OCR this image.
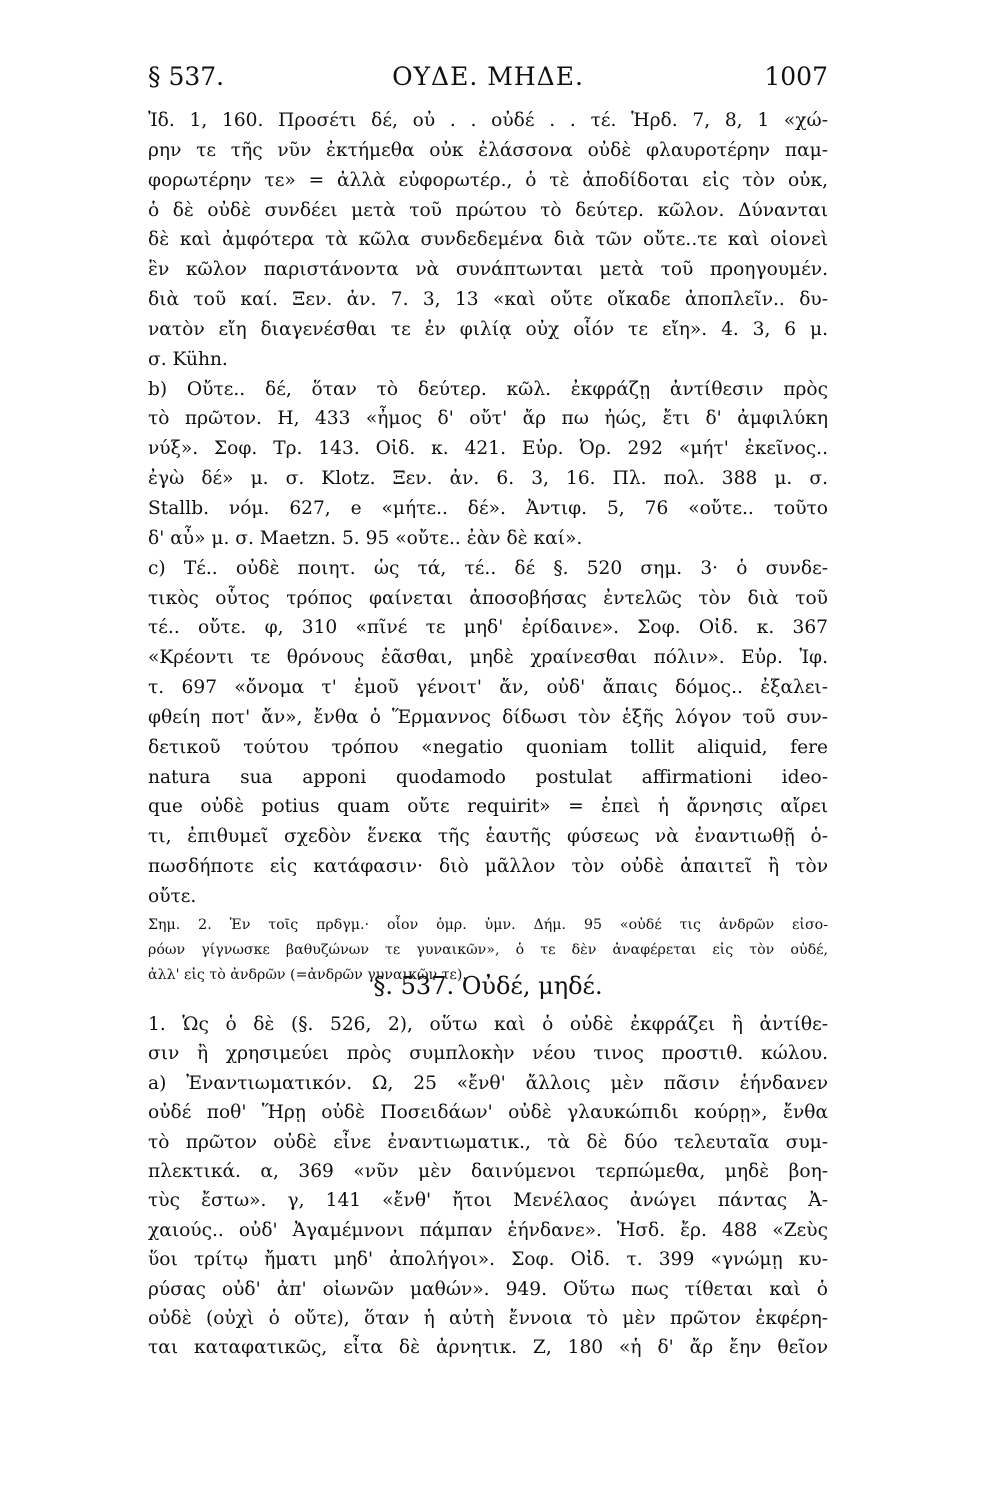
§ 537.	ΟΥΔΕ. ΜΗΔΕ.	1007
Ἰδ. 1, 160. Προσέτι δέ, οὐ . . οὐδέ . . τέ. Ἡρδ. 7, 8, 1 «χώ-
ρην τε τῆς νῦν ἐκτήμεθα οὐκ ἐλάσσονα οὐδὲ φλαυροτέρην παμ-
φορωτέρην τε» = ἀλλὰ εὐφορωτέρ., ὁ τὲ ἀποδίδοται εἰς τὸν οὐκ,
ὁ δὲ οὐδὲ συνδέει μετὰ τοῦ πρώτου τὸ δεύτερ. κῶλον. Δύνανται
δὲ καὶ ἀμφότερα τὰ κῶλα συνδεδεμένα διὰ τῶν οὔτε..τε καὶ οἱονεὶ
ἓν κῶλον παριστάνοντα νὰ συνάπτωνται μετὰ τοῦ προηγουμέν.
διὰ τοῦ καί. Ξεν. ἀν. 7. 3, 13 «καὶ οὔτε οἴκαδε ἀποπλεῖν.. δυ-
νατὸν εἴη διαγενέσθαι τε ἐν φιλίᾳ οὐχ οἷόν τε εἴη». 4. 3, 6 μ.
σ. Kühn.
b) Οὔτε.. δέ, ὅταν τὸ δεύτερ. κῶλ. ἐκφράζῃ ἀντίθεσιν πρὸς
τὸ πρῶτον. Η, 433 «ἦμος δ' οὔτ' ἄρ πω ἠώς, ἔτι δ' ἀμφιλύκη
νύξ». Σοφ. Τρ. 143. Οἰδ. κ. 421. Εὐρ. Ὀρ. 292 «μήτ' ἐκεῖνος..
ἐγὼ δέ» μ. σ. Klotz. Ξεν. ἀν. 6. 3, 16. Πλ. πολ. 388 μ. σ.
Stallb. νόμ. 627, e «μήτε.. δέ». Ἀντιφ. 5, 76 «οὔτε.. τοῦτο
δ' αὖ» μ. σ. Maetzn. 5. 95 «οὔτε.. ἐὰν δὲ καί».
c) Τέ.. οὐδὲ ποιητ. ὡς τά, τέ.. δέ §. 520 σημ. 3· ὁ συνδε-
τικὸς οὗτος τρόπος φαίνεται ἀποσοβήσας ἐντελῶς τὸν διὰ τοῦ
τέ.. οὔτε. φ, 310 «πῖνέ τε μηδ' ἐρίδαινε». Σοφ. Οἰδ. κ. 367
«Κρέοντι τε θρόνους ἐᾶσθαι, μηδὲ χραίνεσθαι πόλιν». Εὐρ. Ἰφ.
τ. 697 «ὄνομα τ' ἐμοῦ γένοιτ' ἄν, οὐδ' ἄπαις δόμος.. ἐξαλει-
φθείη ποτ' ἄν», ἔνθα ὁ Ἕρμαννος δίδωσι τὸν ἑξῆς λόγον τοῦ συν-
δετικοῦ τούτου τρόπου «negatio quoniam tollit aliquid, fere
natura sua apponi quodamodo postulat affirmationi ideo-
que οὐδὲ potius quam οὔτε requirit» = ἐπεὶ ἡ ἄρνησις αἴρει
τι, ἐπιθυμεῖ σχεδὸν ἕνεκα τῆς ἑαυτῆς φύσεως νὰ ἐναντιωθῇ ὁ-
πωσδήποτε εἰς κατάφασιν· διὸ μᾶλλον τὸν οὐδὲ ἀπαιτεῖ ἢ τὸν
οὔτε.
Σημ. 2. Ἐν τοῖς πρδγμ.· οἷον ὁμρ. ὑμν. Δήμ. 95 «οὐδέ τις ἀνδρῶν εἰσο-
ρόων γίγνωσκε βαθυζώνων τε γυναικῶν», ὁ τε δὲν ἀναφέρεται εἰς τὸν οὐδέ,
ἀλλ' εἰς τὸ ἀνδρῶν (=ἀνδρῶν γυναικῶν τε).
§. 537. Οὐδέ, μηδέ.
1. Ὡς ὁ δὲ (§. 526, 2), οὕτω καὶ ὁ οὐδὲ ἐκφράζει ἢ ἀντίθε-
σιν ἢ χρησιμεύει πρὸς συμπλοκὴν νέου τινος προστιθ. κώλου.
a) Ἐναντιωματικόν. Ω, 25 «ἔνθ' ἄλλοις μὲν πᾶσιν ἑήνδανεν
οὐδέ ποθ' Ἥρῃ οὐδὲ Ποσειδάων' οὐδὲ γλαυκώπιδι κούρῃ», ἔνθα
τὸ πρῶτον οὐδὲ εἶνε ἐναντιωματικ., τὰ δὲ δύο τελευταῖα συμ-
πλεκτικά. α, 369 «νῦν μὲν δαινύμενοι τερπώμεθα, μηδὲ βοη-
τὺς ἔστω». γ, 141 «ἔνθ' ἤτοι Μενέλαος ἀνώγει πάντας Ἀ-
χαιούς.. οὐδ' Ἀγαμέμνονι πάμπαν ἑήνδανε». Ἡσδ. ἔρ. 488 «Ζεὺς
ὕοι τρίτῳ ἤματι μηδ' ἀπολήγοι». Σοφ. Οἰδ. τ. 399 «γνώμῃ κυ-
ρύσας οὐδ' ἀπ' οἰωνῶν μαθών». 949. Οὕτω πως τίθεται καὶ ὁ
οὐδὲ (οὐχὶ ὁ οὔτε), ὅταν ἡ αὐτὴ ἔννοια τὸ μὲν πρῶτον ἐκφέρη-
ται καταφατικῶς, εἶτα δὲ ἀρνητικ. Ζ, 180 «ἡ δ' ἄρ ἔην θεῖον
